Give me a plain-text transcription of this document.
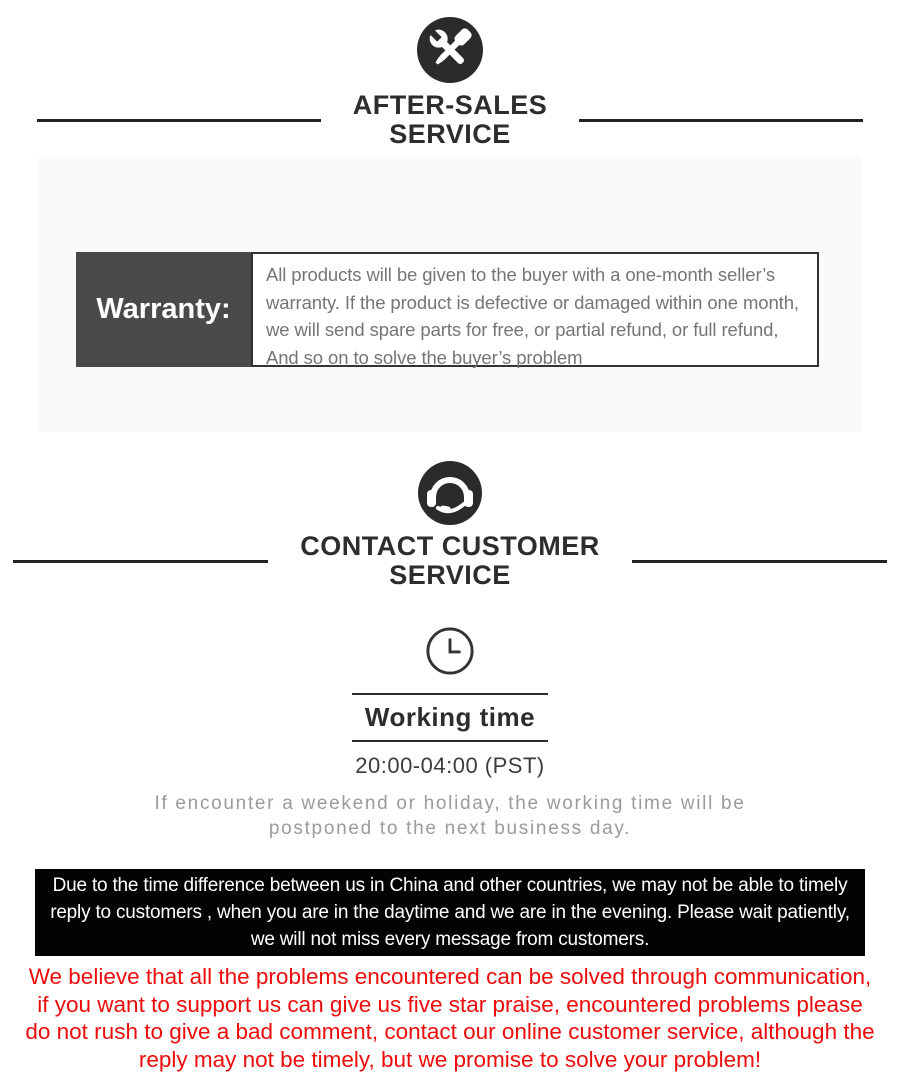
AFTER-SALES
SERVICE
Warranty:
All products will be given to the buyer with a one-month seller’s
warranty. If the product is defective or damaged within one month,
we will send spare parts for free, or partial refund, or full refund,
And so on to solve the buyer’s problem
CONTACT CUSTOMER
SERVICE
Working time
20:00-04:00 (PST)

If encounter a weekend or holiday, the working time will be
postponed to the next business day.

Due to the time difference between us in China and other countries, we may not be able to timely
reply to customers , when you are in the daytime and we are in the evening. Please wait patiently,
we will not miss every message from customers.
We believe that all the problems encountered can be solved through communication,
if you want to support us can give us five star praise, encountered problems please
do not rush to give a bad comment, contact our online customer service, although the
reply may not be timely, but we promise to solve your problem!
